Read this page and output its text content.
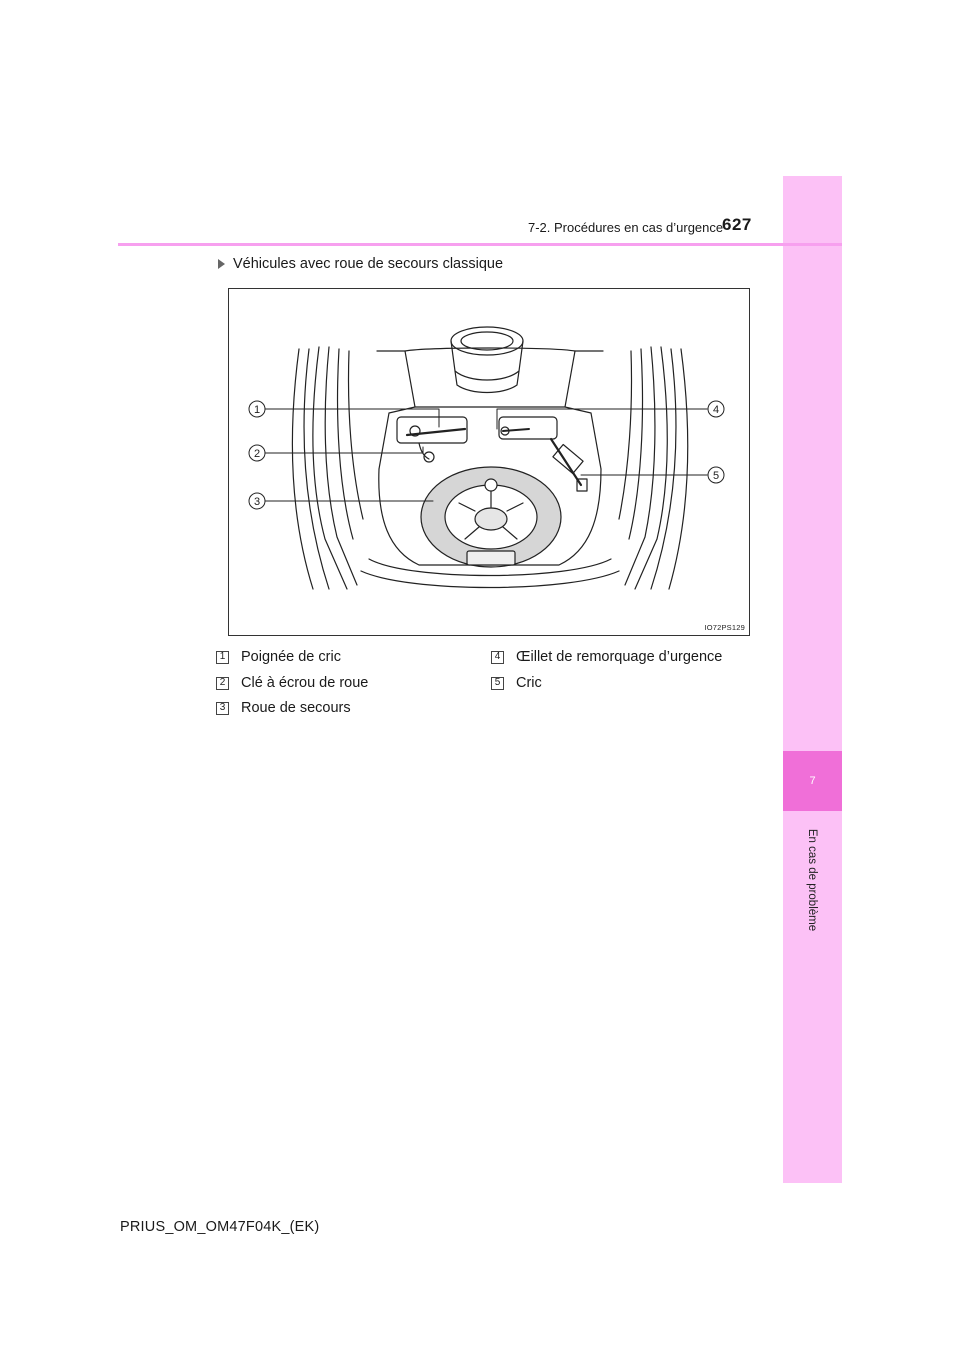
7
En cas de problème
7-2. Procédures en cas d’urgence
627
Véhicules avec roue de secours classique
1
2
3
4
5
IO72PS129
1 Poignée de cric
2 Clé à écrou de roue
3 Roue de secours
4 Œillet de remorquage d’urgence
5 Cric
PRIUS_OM_OM47F04K_(EK)
